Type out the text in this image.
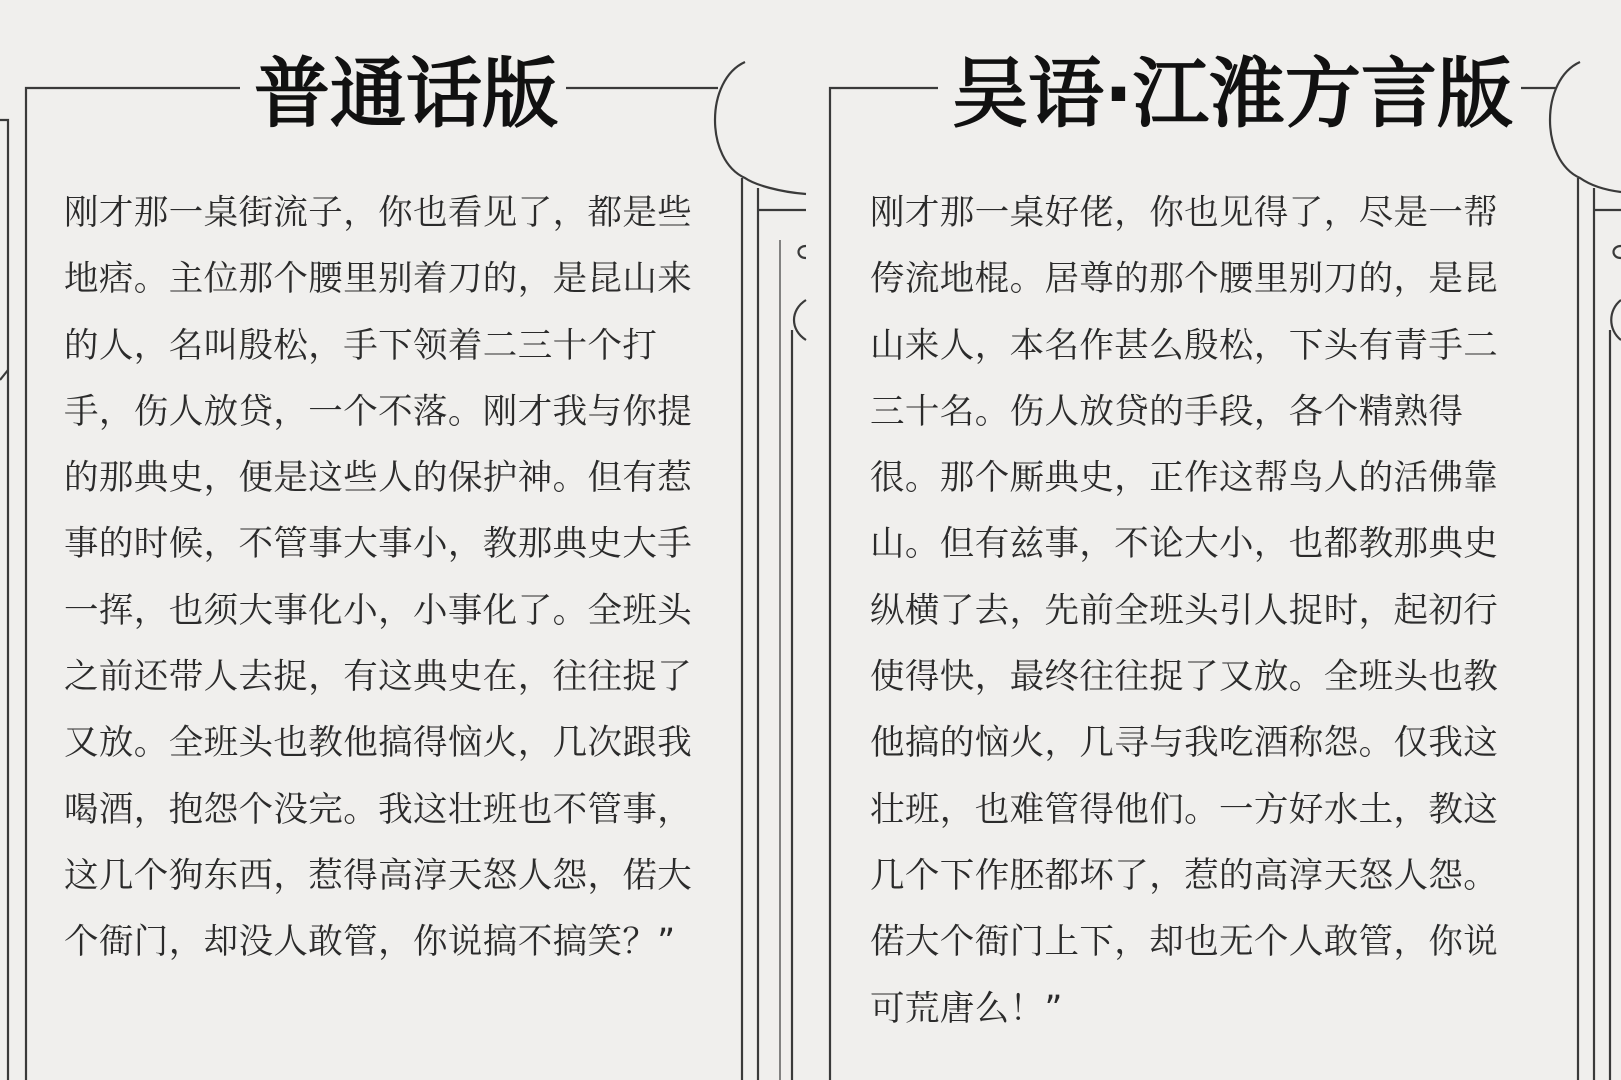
普通话版	吴语·江淮方言版
刚才那一桌街流子，你也看见了，都是些
地痞。主位那个腰里别着刀的，是昆山来
的人，名叫殷松，手下领着二三十个打
手，伤人放贷，一个不落。刚才我与你提
的那典史，便是这些人的保护神。但有惹
事的时候，不管事大事小，教那典史大手
一挥，也须大事化小，小事化了。全班头
之前还带人去捉，有这典史在，往往捉了
又放。全班头也教他搞得恼火，几次跟我
喝酒，抱怨个没完。我这壮班也不管事，
这几个狗东西，惹得高淳天怒人怨，偌大
个衙门，却没人敢管，你说搞不搞笑？”
刚才那一桌好佬，你也见得了，尽是一帮
侉流地棍。居尊的那个腰里别刀的，是昆
山来人，本名作甚么殷松，下头有青手二
三十名。伤人放贷的手段，各个精熟得
很。那个厮典史，正作这帮鸟人的活佛靠
山。但有兹事，不论大小，也都教那典史
纵横了去，先前全班头引人捉时，起初行
使得快，最终往往捉了又放。全班头也教
他搞的恼火，几寻与我吃酒称怨。仅我这
壮班，也难管得他们。一方好水土，教这
几个下作胚都坏了，惹的高淳天怒人怨。
偌大个衙门上下，却也无个人敢管，你说
可荒唐么！”
